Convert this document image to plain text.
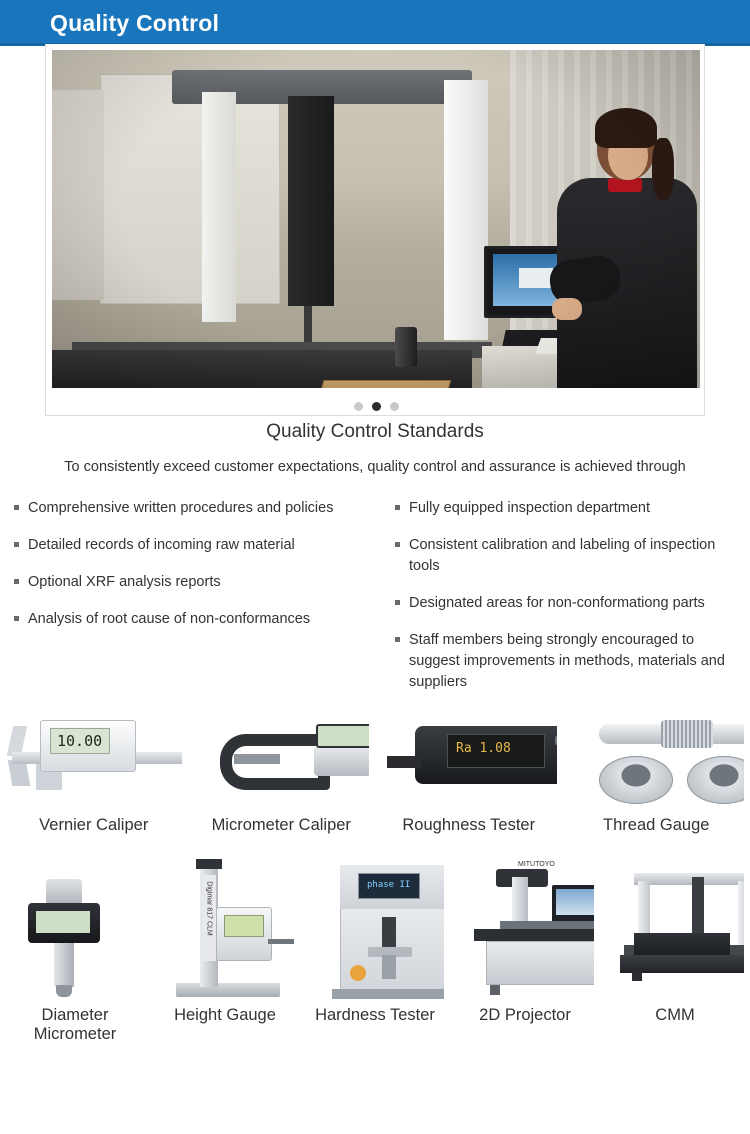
Quality Control
Quality Control Standards
To consistently exceed customer expectations, quality control and assurance is achieved through
Comprehensive written procedures and policies
Detailed records of incoming raw material
Optional XRF analysis reports
Analysis of root cause of non-conformances
Fully equipped inspection department
Consistent calibration and labeling of inspection tools
Designated areas for non-conformationg parts
Staff members being strongly encouraged to suggest improvements in methods, materials and suppliers
10.00
Vernier Caliper	Micrometer Caliper
Ra 1.08
Roughness Tester	Thread Gauge
Diameter Micrometer
Digimar 817 CLM
Height Gauge
phase II
Hardness Tester
MITUTOYO
2D Projector	CMM
